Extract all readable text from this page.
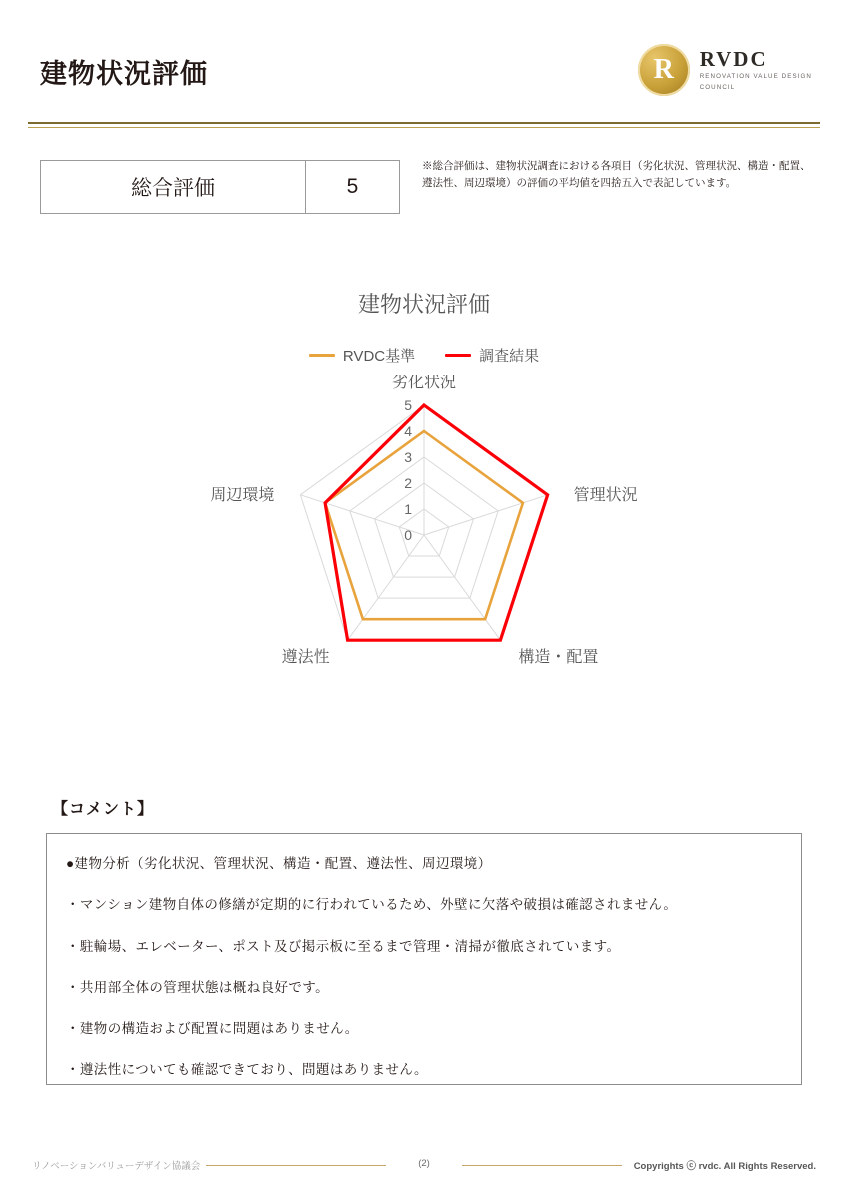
建物状況評価	R	RVDC
RENOVATION VALUE DESIGN
COUNCIL
総合評価	5
※総合評価は、建物状況調査における各項目（劣化状況、管理状況、構造・配置、遵法性、周辺環境）の評価の平均値を四捨五入で表記しています。
建物状況評価
RVDC基準	調査結果
0
1
2
3
4
5
劣化状況
管理状況
構造・配置
遵法性
周辺環境
【コメント】
●建物分析（劣化状況、管理状況、構造・配置、遵法性、周辺環境）
・マンション建物自体の修繕が定期的に行われているため、外壁に欠落や破損は確認されません。
・駐輪場、エレベーター、ポスト及び掲示板に至るまで管理・清掃が徹底されています。
・共用部全体の管理状態は概ね良好です。
・建物の構造および配置に問題はありません。
・遵法性についても確認できており、問題はありません。
リノベーションバリューデザイン協議会	(2)	Copyrights ⓒ rvdc. All Rights Reserved.
